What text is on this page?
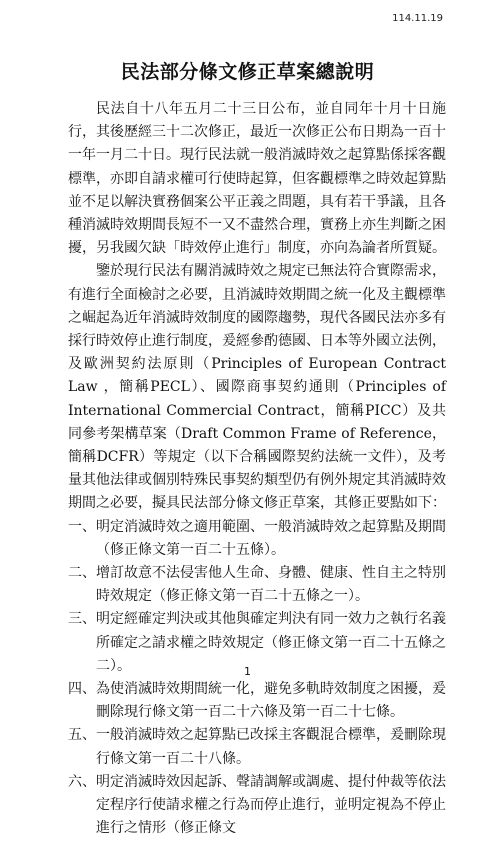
114.11.19
民法部分條文修正草案總說明

民法自十八年五月二十三日公布，並自同年十月十日施行，其後歷經三十二次修正，最近一次修正公布日期為一百十一年一月二十日。現行民法就一般消滅時效之起算點係採客觀標準，亦即自請求權可行使時起算，但客觀標準之時效起算點並不足以解決實務個案公平正義之問題，具有若干爭議，且各種消滅時效期間長短不一又不盡然合理，實務上亦生判斷之困擾，另我國欠缺「時效停止進行」制度，亦向為論者所質疑。

鑒於現行民法有關消滅時效之規定已無法符合實際需求，有進行全面檢討之必要，且消滅時效期間之統一化及主觀標準之崛起為近年消滅時效制度的國際趨勢，現代各國民法亦多有採行時效停止進行制度，爰經參酌德國、日本等外國立法例，及歐洲契約法原則（Principles of European Contract Law ，簡稱PECL）、國際商事契約通則（Principles of International Commercial Contract，簡稱PICC）及共同參考架構草案（Draft Common Frame of Reference，簡稱DCFR）等規定（以下合稱國際契約法統一文件），及考量其他法律或個別特殊民事契約類型仍有例外規定其消滅時效期間之必要，擬具民法部分條文修正草案，其修正要點如下：

一、明定消滅時效之適用範圍、一般消滅時效之起算點及期間（修正條文第一百二十五條）。

二、增訂故意不法侵害他人生命、身體、健康、性自主之特別時效規定（修正條文第一百二十五條之一）。

三、明定經確定判決或其他與確定判決有同一效力之執行名義所確定之請求權之時效規定（修正條文第一百二十五條之二）。

四、為使消滅時效期間統一化，避免多軌時效制度之困擾，爰刪除現行條文第一百二十六條及第一百二十七條。

五、一般消滅時效之起算點已改採主客觀混合標準，爰刪除現行條文第一百二十八條。

六、明定消滅時效因起訴、聲請調解或調處、提付仲裁等依法定程序行使請求權之行為而停止進行，並明定視為不停止進行之情形（修正條文

1
